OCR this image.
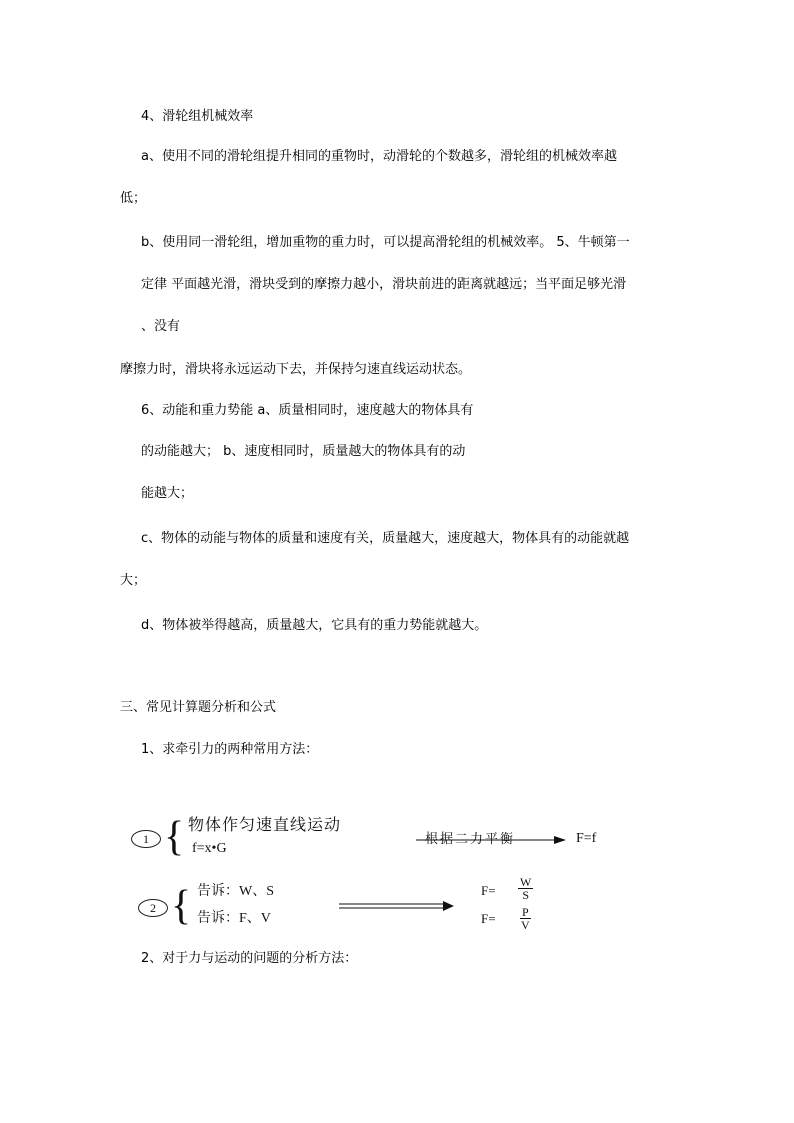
4、滑轮组机械效率
a、使用不同的滑轮组提升相同的重物时，动滑轮的个数越多，滑轮组的机械效率越
低；
b、使用同一滑轮组，增加重物的重力时，可以提高滑轮组的机械效率。 5、牛顿第一
定律 平面越光滑，滑块受到的摩擦力越小，滑块前进的距离就越远；当平面足够光滑
、没有
摩擦力时，滑块将永远运动下去，并保持匀速直线运动状态。
6、动能和重力势能 a、质量相同时，速度越大的物体具有
的动能越大； b、速度相同时，质量越大的物体具有的动
能越大；
c、物体的动能与物体的质量和速度有关，质量越大，速度越大，物体具有的动能就越
大；
d、物体被举得越高，质量越大，它具有的重力势能就越大。
三、常见计算题分析和公式
1、求牵引力的两种常用方法：
1 { 物体作匀速直线运动
f=x•G
根据二力平衡	F=f
2 { 告诉：W、S
告诉：F、V
$F= \frac{W}{S}$
$F= \frac{P}{V}$
2、对于力与运动的问题的分析方法：
